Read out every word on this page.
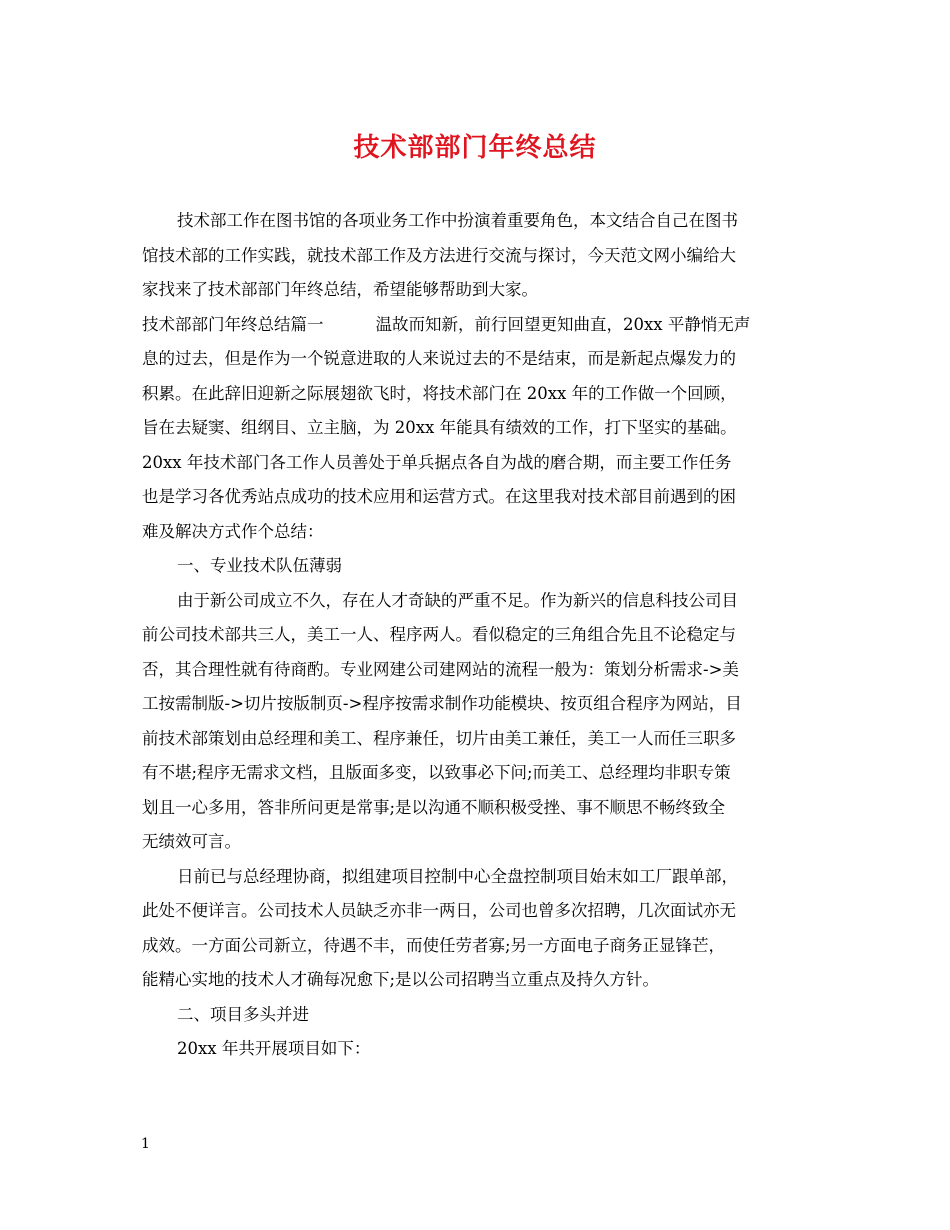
技术部部门年终总结
技术部工作在图书馆的各项业务工作中扮演着重要角色，本文结合自己在图书
馆技术部的工作实践，就技术部工作及方法进行交流与探讨，今天范文网小编给大
家找来了技术部部门年终总结，希望能够帮助到大家。
技术部部门年终总结篇一	温故而知新，前行回望更知曲直，20xx 平静悄无声
息的过去，但是作为一个锐意进取的人来说过去的不是结束，而是新起点爆发力的
积累。在此辞旧迎新之际展翅欲飞时，将技术部门在 20xx 年的工作做一个回顾，
旨在去疑窦、组纲目、立主脑，为 20xx 年能具有绩效的工作，打下坚实的基础。
20xx 年技术部门各工作人员善处于单兵据点各自为战的磨合期，而主要工作任务
也是学习各优秀站点成功的技术应用和运营方式。在这里我对技术部目前遇到的困
难及解决方式作个总结：
一、专业技术队伍薄弱
由于新公司成立不久，存在人才奇缺的严重不足。作为新兴的信息科技公司目
前公司技术部共三人，美工一人、程序两人。看似稳定的三角组合先且不论稳定与
否，其合理性就有待商酌。专业网建公司建网站的流程一般为：策划分析需求->美
工按需制版->切片按版制页->程序按需求制作功能模块、按页组合程序为网站，目
前技术部策划由总经理和美工、程序兼任，切片由美工兼任，美工一人而任三职多
有不堪;程序无需求文档，且版面多变，以致事必下问;而美工、总经理均非职专策
划且一心多用，答非所问更是常事;是以沟通不顺积极受挫、事不顺思不畅终致全
无绩效可言。
日前已与总经理协商，拟组建项目控制中心全盘控制项目始末如工厂跟单部，
此处不便详言。公司技术人员缺乏亦非一两日，公司也曾多次招聘，几次面试亦无
成效。一方面公司新立，待遇不丰，而使任劳者寡;另一方面电子商务正显锋芒，
能精心实地的技术人才确每况愈下;是以公司招聘当立重点及持久方针。
二、项目多头并进
20xx 年共开展项目如下：
1
